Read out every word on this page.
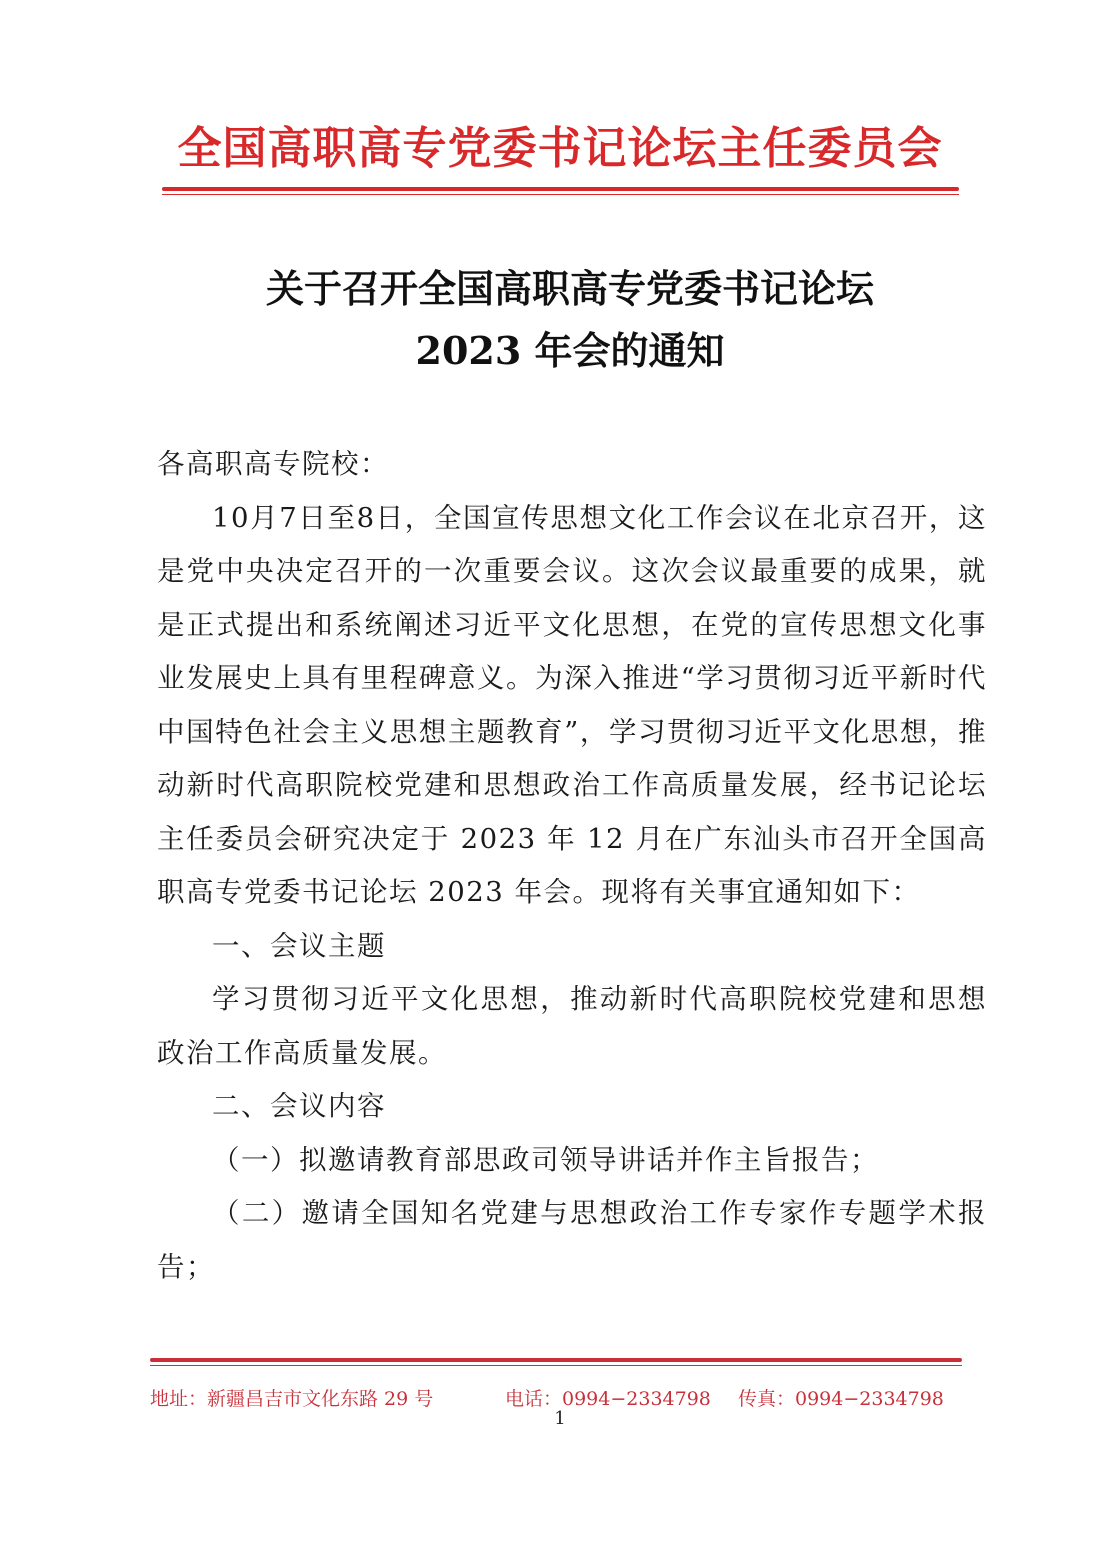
全国高职高专党委书记论坛主任委员会
关于召开全国高职高专党委书记论坛
2023 年会的通知

各高职高专院校：

10月7日至8日，全国宣传思想文化工作会议在北京召开，这是党中央决定召开的一次重要会议。这次会议最重要的成果，就是正式提出和系统阐述习近平文化思想，在党的宣传思想文化事业发展史上具有里程碑意义。为深入推进“学习贯彻习近平新时代中国特色社会主义思想主题教育”，学习贯彻习近平文化思想，推动新时代高职院校党建和思想政治工作高质量发展，经书记论坛主任委员会研究决定于 2023 年 12 月在广东汕头市召开全国高职高专党委书记论坛 2023 年会。现将有关事宜通知如下：

一、会议主题

学习贯彻习近平文化思想，推动新时代高职院校党建和思想政治工作高质量发展。

二、会议内容

（一）拟邀请教育部思政司领导讲话并作主旨报告；

（二）邀请全国知名党建与思想政治工作专家作专题学术报告；

地址：新疆昌吉市文化东路 29 号	电话：0994−2334798 传真：0994−2334798
1
